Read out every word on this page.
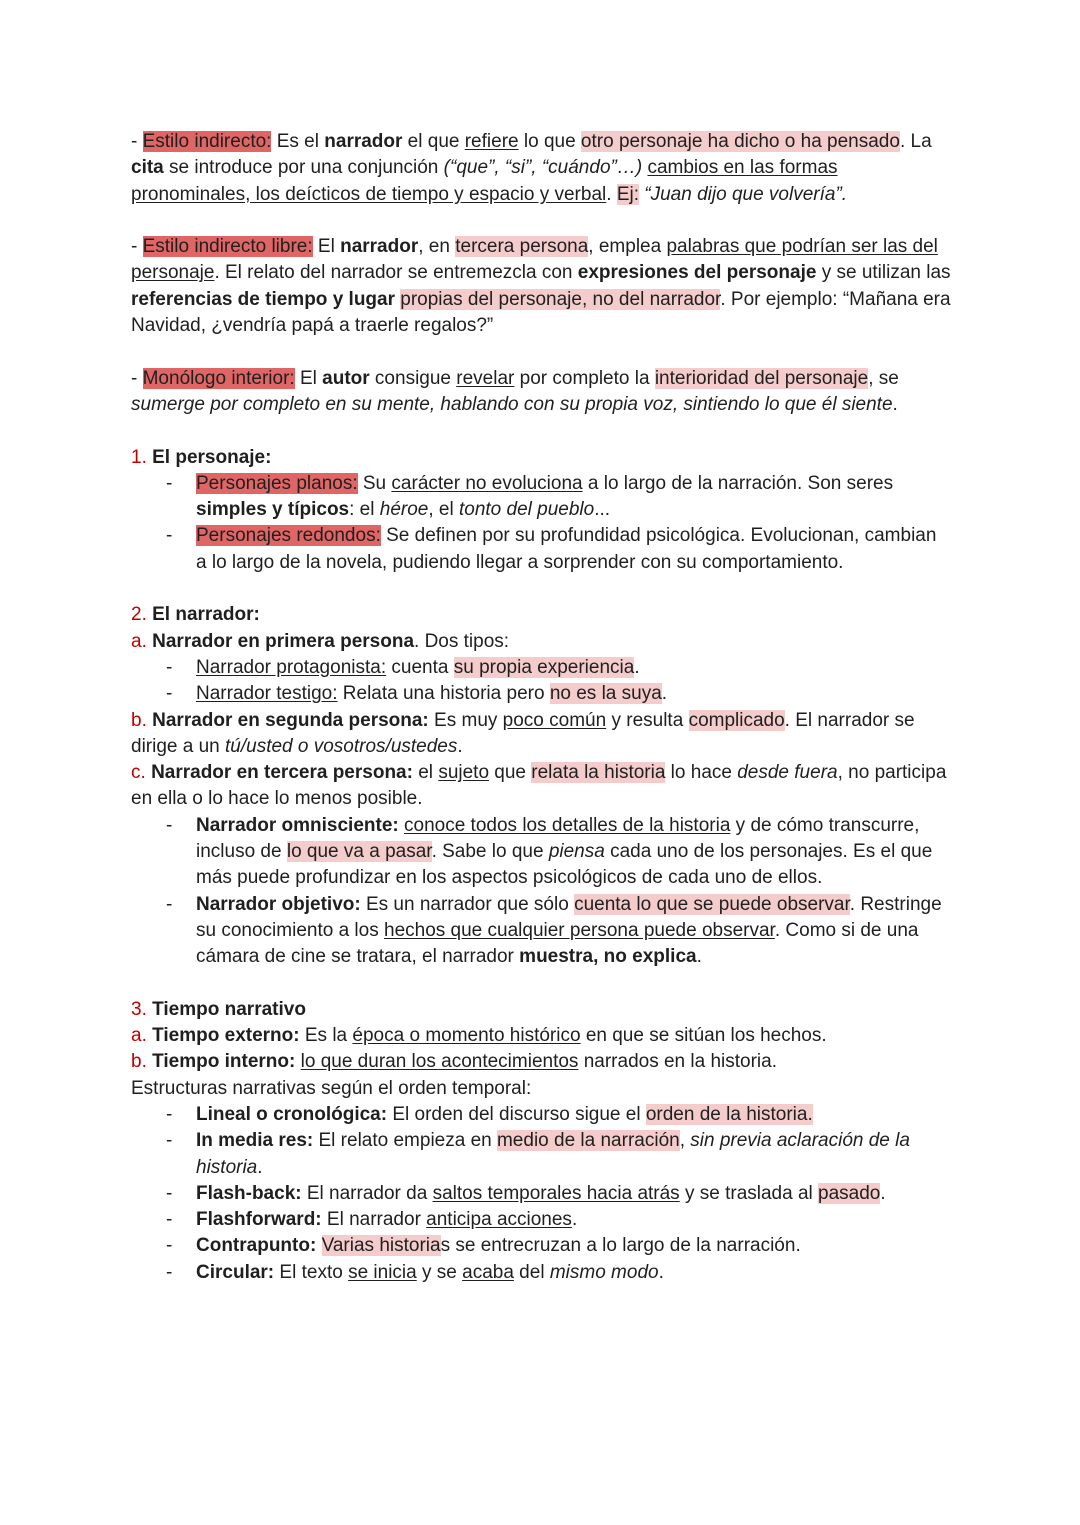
- Estilo indirecto: Es el narrador el que refiere lo que otro personaje ha dicho o ha pensado. La cita se introduce por una conjunción (“que”, “si”, “cuándo”…) cambios en las formas pronominales, los deícticos de tiempo y espacio y verbal. Ej: “Juan dijo que volvería”.
- Estilo indirecto libre: El narrador, en tercera persona, emplea palabras que podrían ser las del personaje. El relato del narrador se entremezcla con expresiones del personaje y se utilizan las referencias de tiempo y lugar propias del personaje, no del narrador. Por ejemplo: “Mañana era Navidad, ¿vendría papá a traerle regalos?”
- Monólogo interior: El autor consigue revelar por completo la interioridad del personaje, se sumerge por completo en su mente, hablando con su propia voz, sintiendo lo que él siente.
1. El personaje:
- Personajes planos: Su carácter no evoluciona a lo largo de la narración. Son seres simples y típicos: el héroe, el tonto del pueblo...
- Personajes redondos: Se definen por su profundidad psicológica. Evolucionan, cambian a lo largo de la novela, pudiendo llegar a sorprender con su comportamiento.
2. El narrador:
a. Narrador en primera persona. Dos tipos:
- Narrador protagonista: cuenta su propia experiencia.
- Narrador testigo: Relata una historia pero no es la suya.
b. Narrador en segunda persona: Es muy poco común y resulta complicado. El narrador se dirige a un tú/usted o vosotros/ustedes.
c. Narrador en tercera persona: el sujeto que relata la historia lo hace desde fuera, no participa en ella o lo hace lo menos posible.
- Narrador omnisciente: conoce todos los detalles de la historia y de cómo transcurre, incluso de lo que va a pasar. Sabe lo que piensa cada uno de los personajes. Es el que más puede profundizar en los aspectos psicológicos de cada uno de ellos.
- Narrador objetivo: Es un narrador que sólo cuenta lo que se puede observar. Restringe su conocimiento a los hechos que cualquier persona puede observar. Como si de una cámara de cine se tratara, el narrador muestra, no explica.
3. Tiempo narrativo
a. Tiempo externo: Es la época o momento histórico en que se sitúan los hechos.
b. Tiempo interno: lo que duran los acontecimientos narrados en la historia.
Estructuras narrativas según el orden temporal:
- Lineal o cronológica: El orden del discurso sigue el orden de la historia.
- In media res: El relato empieza en medio de la narración, sin previa aclaración de la historia.
- Flash-back: El narrador da saltos temporales hacia atrás y se traslada al pasado.
- Flashforward: El narrador anticipa acciones.
- Contrapunto: Varias historias se entrecruzan a lo largo de la narración.
- Circular: El texto se inicia y se acaba del mismo modo.
